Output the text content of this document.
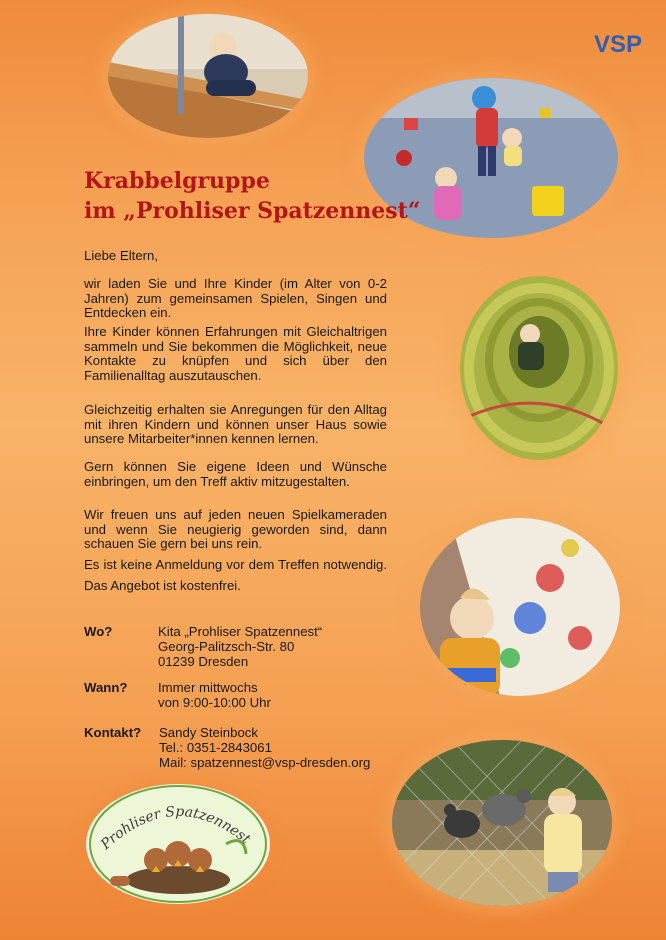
VSP
Krabbelgruppe
im „Prohliser Spatzennest“

Liebe Eltern,

wir laden Sie und Ihre Kinder (im Alter von 0-2 Jahren) zum gemeinsamen Spielen, Singen und Entdecken ein.

Ihre Kinder können Erfahrungen mit Gleichaltrigen sammeln und Sie bekommen die Möglichkeit, neue Kontakte zu knüpfen und sich über den Familienalltag auszutauschen.

Gleichzeitig erhalten sie Anregungen für den Alltag mit ihren Kindern und können unser Haus sowie unsere Mitarbeiter*innen kennen lernen.

Gern können Sie eigene Ideen und Wünsche einbringen, um den Treff aktiv mitzugestalten.

Wir freuen uns auf jeden neuen Spielkameraden und wenn Sie neugierig geworden sind, dann schauen Sie gern bei uns rein.

Es ist keine Anmeldung vor dem Treffen notwendig. Das Angebot ist kostenfrei.

Wo?	Kita „Prohliser Spatzennest“
Georg-Palitzsch-Str. 80
01239 Dresden
Wann? Immer mittwochs
von 9:00-10:00 Uhr
Kontakt? Sandy Steinbock
Tel.: 0351-2843061
Mail: spatzennest@vsp-dresden.org
Prohliser Spatzennest
